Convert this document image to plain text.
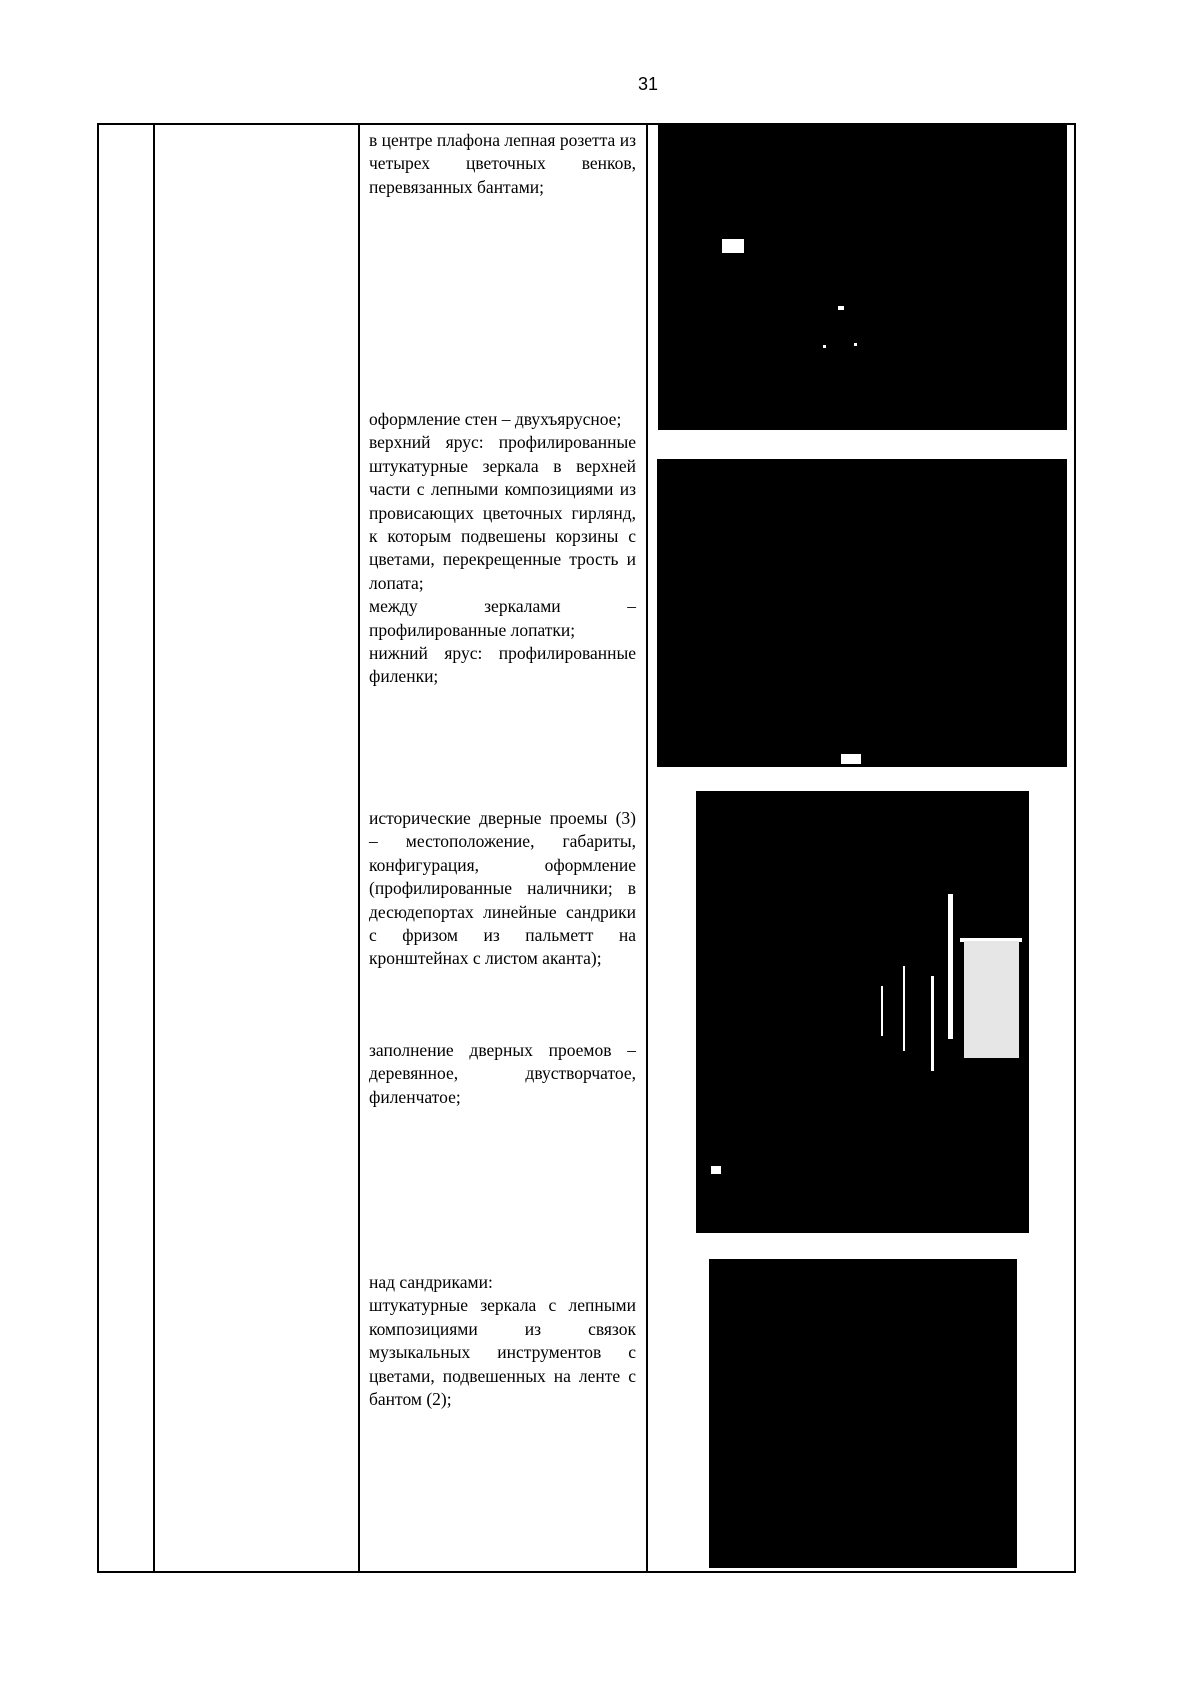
31

в центре плафона лепная розетта из четырех цветочных венков, перевязанных бантами;

оформление стен – двухъярусное;

верхний ярус: профилированные штукатурные зеркала в верхней части с лепными композициями из провисающих цветочных гирлянд, к которым подвешены корзины с цветами, перекрещенные трость и лопата;

между зеркалами – профилированные лопатки;

нижний ярус: профилированные филенки;

исторические дверные проемы (3) – местоположение, габариты, конфигурация, оформление (профилированные наличники; в десюдепортах линейные сандрики с фризом из пальметт на кронштейнах с листом аканта);

заполнение дверных проемов – деревянное, двустворчатое, филенчатое;

над сандриками:

штукатурные зеркала с лепными композициями из связок музыкальных инструментов с цветами, подвешенных на ленте с бантом (2);
